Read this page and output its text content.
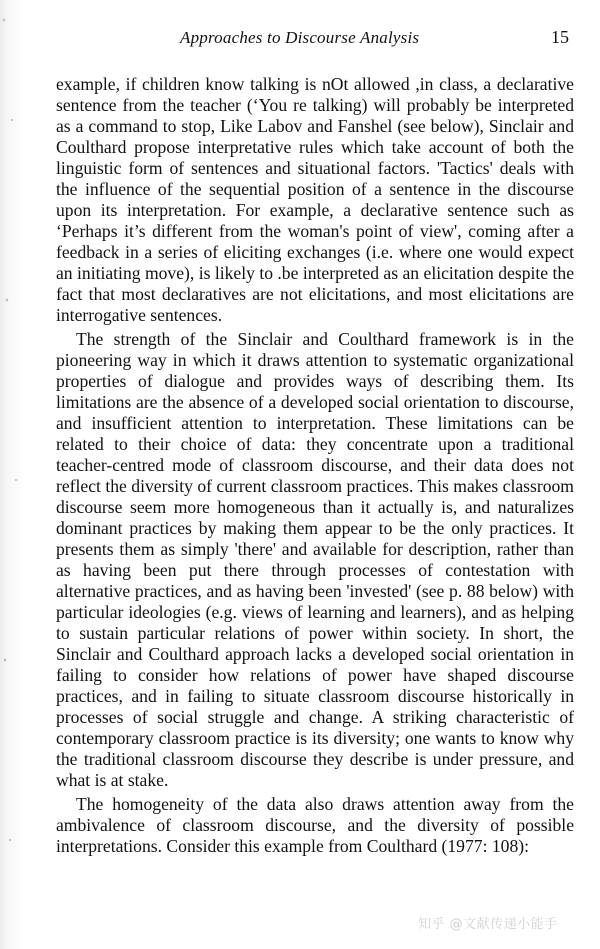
Approaches to Discourse Analysis	15

example, if children know talking is nOt allowed ,in class, a declarative sentence from the teacher (‘You re talking) will probably be interpreted as a command to stop, Like Labov and Fanshel (see below), Sinclair and Coulthard propose interpretative rules which take account of both the linguistic form of sentences and situational factors. 'Tactics' deals with the influence of the sequential position of a sentence in the discourse upon its interpretation. For example, a declarative sentence such as ‘Perhaps it’s different from the woman's point of view', coming after a feedback in a series of eliciting exchanges (i.e. where one would expect an initiating move), is likely to .be interpreted as an elicitation despite the fact that most declaratives are not elicitations, and most elicitations are interrogative sentences.

The strength of the Sinclair and Coulthard framework is in the pioneering way in which it draws attention to systematic organizational properties of dialogue and provides ways of describing them. Its limitations are the absence of a developed social orientation to discourse, and insufficient attention to interpretation. These limitations can be related to their choice of data: they concentrate upon a traditional teacher-centred mode of classroom discourse, and their data does not reflect the diversity of current classroom practices. This makes classroom discourse seem more homogeneous than it actually is, and naturalizes dominant practices by making them appear to be the only practices. It presents them as simply 'there' and available for description, rather than as having been put there through processes of contestation with alternative practices, and as having been 'invested' (see p. 88 below) with particular ideologies (e.g. views of learning and learners), and as helping to sustain particular relations of power within society. In short, the Sinclair and Coulthard approach lacks a developed social orientation in failing to consider how relations of power have shaped discourse practices, and in failing to situate classroom discourse historically in processes of social struggle and change. A striking characteristic of contemporary classroom practice is its diversity; one wants to know why the traditional classroom discourse they describe is under pressure, and what is at stake.

The homogeneity of the data also draws attention away from the ambivalence of classroom discourse, and the diversity of possible interpretations. Consider this example from Coulthard (1977: 108):

知乎 @文献传递小能手
